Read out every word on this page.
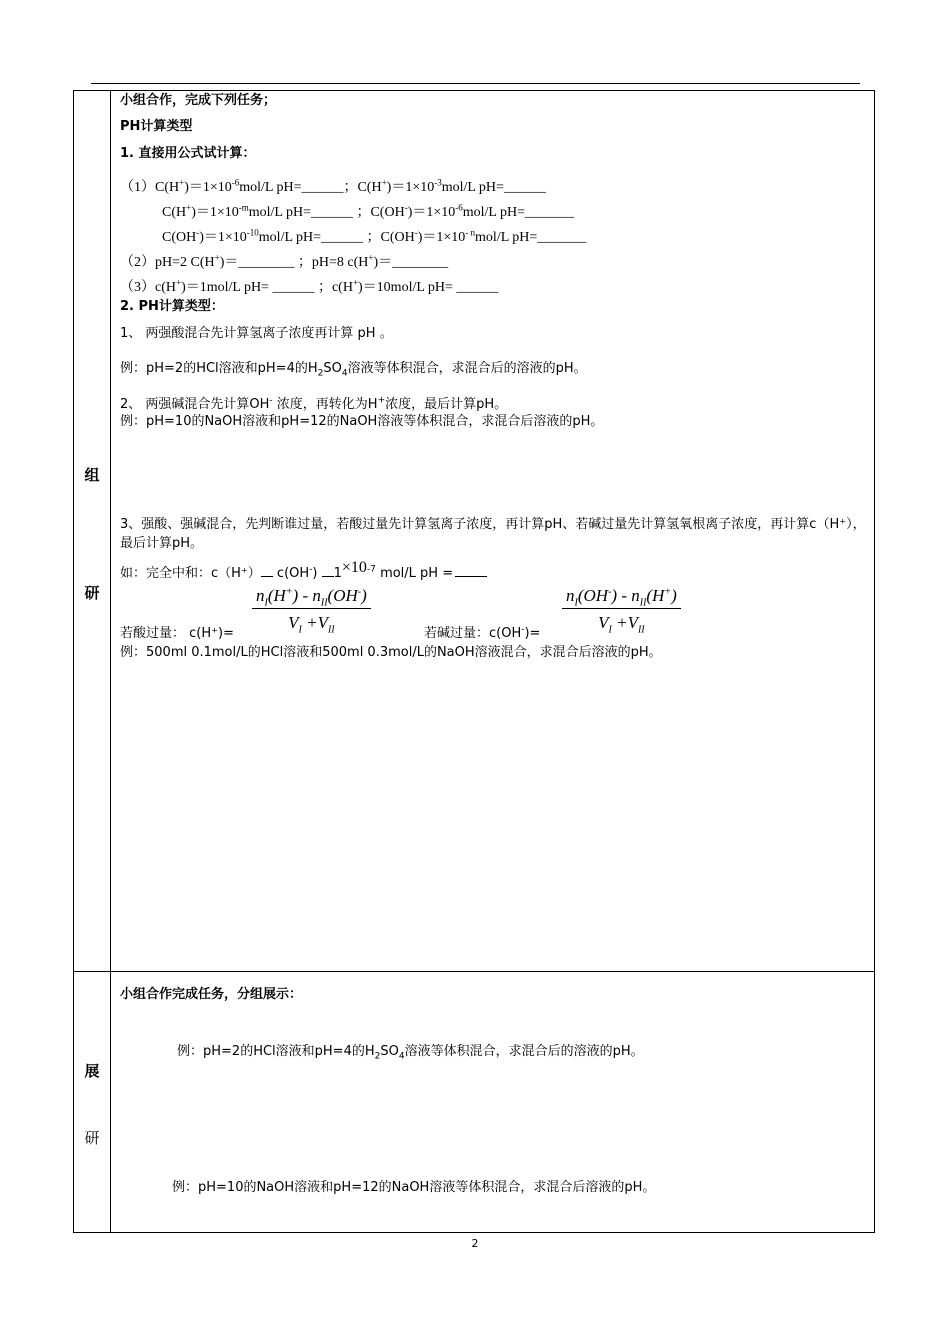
组
研
展
研
小组合作，完成下列任务；
PH计算类型
1. 直接用公式试计算：
$(1)C(H^+)=1\times 10^{-6}mol/L$ pH=______；$C(H^+)=1\times 10^{-3}mol/L$ pH=______
$C(H^+)=1\times 10^{-m}mol/L$ pH=______ ；$C(OH^-)=1\times 10^{-6}mol/L$ pH=_______
$C(OH^-)=1\times 10^{-10}mol/L$ pH=______ ；$C(OH^-)=1\times 10^{- n}mol/L$ pH=_______
（2）pH=2 C(H+)＝________ ；pH=8 c(H+)＝________
（3）c(H+)＝1mol/L pH= ______ ；c(H+)＝10mol/L pH= ______
2. PH计算类型：
1、 两强酸混合先计算氢离子浓度再计算 pH 。
例：pH=2的HCl溶液和pH=4的$H_2SO_4$溶液等体积混合，求混合后的溶液的pH。
2、 两强碱混合先计算OH- 浓度，再转化为H+浓度，最后计算pH。
例：pH=10的NaOH溶液和pH=12的NaOH溶液等体积混合，求混合后溶液的pH。
3、强酸、强碱混合，先判断谁过量，若酸过量先计算氢离子浓度，再计算pH、若碱过量先计算氢氧根离子浓度，再计算c（H⁺），最后计算pH。
如：完全中和：c（H⁺） c(OH-) $1\times 10^{-7}$ mol/L pH =
$n_I(H^+) - n_{II}(OH^-)$
$V_I +V_{II}$
$n_I(OH^-) - n_{II}(H^+)$
$V_I +V_{II}$
若酸过量： c(H⁺)=	若碱过量：c(OH-)=
例：500ml 0.1mol/L的HCl溶液和500ml 0.3mol/L的NaOH溶液混合，求混合后溶液的pH。
小组合作完成任务，分组展示：
例：pH=2的HCl溶液和pH=4的$H_2SO_4$溶液等体积混合，求混合后的溶液的pH。
例：pH=10的NaOH溶液和pH=12的NaOH溶液等体积混合，求混合后溶液的pH。
2
